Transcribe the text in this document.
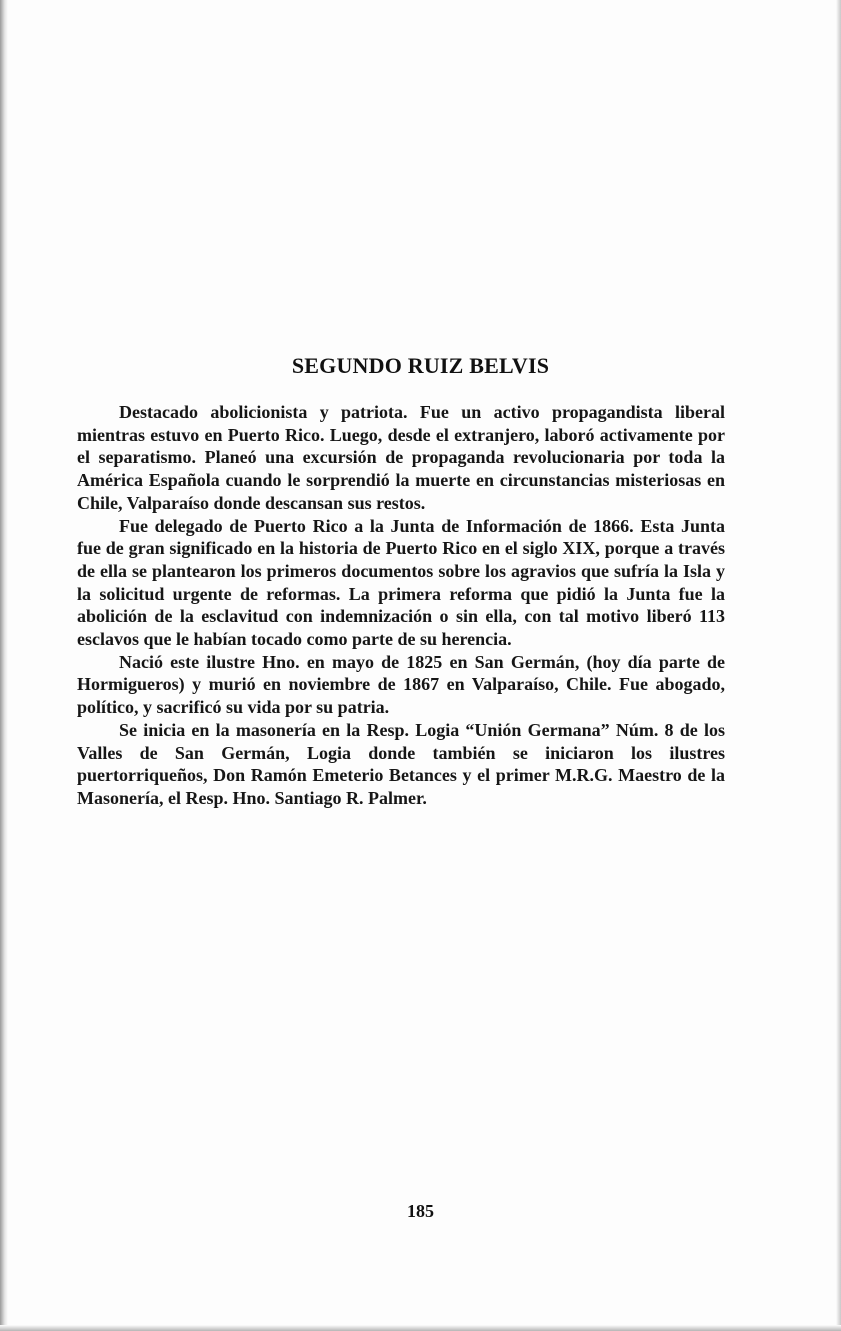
SEGUNDO RUIZ BELVIS

Destacado abolicionista y patriota. Fue un activo propagandista liberal mientras estuvo en Puerto Rico. Luego, desde el extranjero, laboró activamente por el separatismo. Planeó una excursión de propaganda revolucionaria por toda la América Española cuando le sorprendió la muerte en circunstancias misteriosas en Chile, Valparaíso donde descansan sus restos.

Fue delegado de Puerto Rico a la Junta de Información de 1866. Esta Junta fue de gran significado en la historia de Puerto Rico en el siglo XIX, porque a través de ella se plantearon los primeros documentos sobre los agravios que sufría la Isla y la solicitud urgente de reformas. La primera reforma que pidió la Junta fue la abolición de la esclavitud con indemnización o sin ella, con tal motivo liberó 113 esclavos que le habían tocado como parte de su herencia.

Nació este ilustre Hno. en mayo de 1825 en San Germán, (hoy día parte de Hormigueros) y murió en noviembre de 1867 en Valparaíso, Chile. Fue abogado, político, y sacrificó su vida por su patria.

Se inicia en la masonería en la Resp. Logia “Unión Germana” Núm. 8 de los Valles de San Germán, Logia donde también se iniciaron los ilustres puertorriqueños, Don Ramón Emeterio Betances y el primer M.R.G. Maestro de la Masonería, el Resp. Hno. Santiago R. Palmer.

185
